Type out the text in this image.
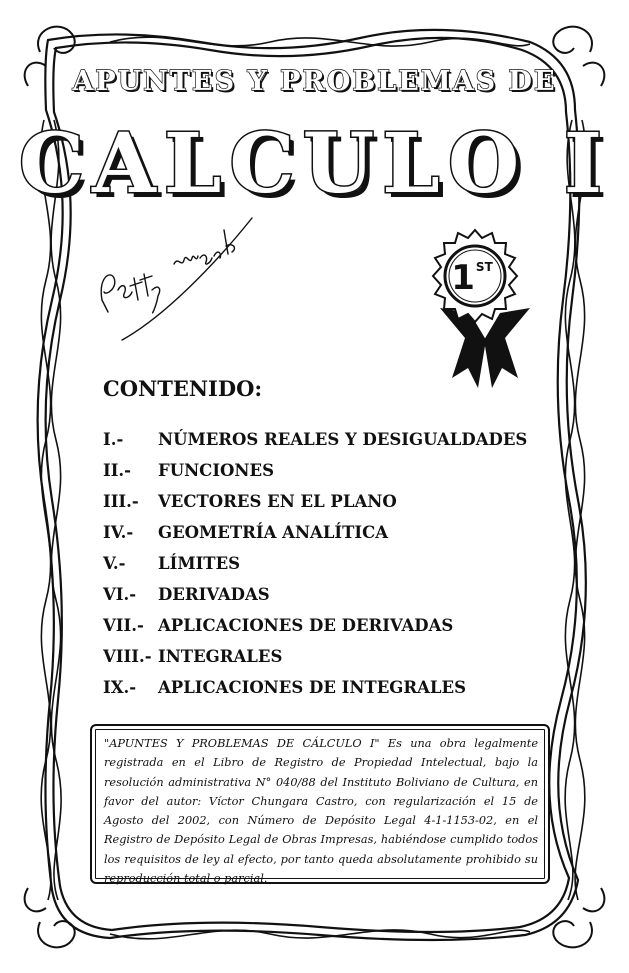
APUNTES Y PROBLEMAS DE
CALCULO I
1ST
CONTENIDO:
I.-	NÚMEROS REALES Y DESIGUALDADES
II.-	FUNCIONES
III.-	VECTORES EN EL PLANO
IV.-	GEOMETRÍA ANALÍTICA
V.-	LÍMITES
VI.-	DERIVADAS
VII.- APLICACIONES DE DERIVADAS
VIII.- INTEGRALES
IX.-	APLICACIONES DE INTEGRALES
"APUNTES Y PROBLEMAS DE CÁLCULO I" Es una obra legalmente registrada en el Libro de Registro de Propiedad Intelectual, bajo la resolución administrativa N° 040/88 del Instituto Boliviano de Cultura, en favor del autor: Víctor Chungara Castro, con regularización el 15 de Agosto del 2002, con Número de Depósito Legal 4-1-1153-02, en el Registro de Depósito Legal de Obras Impresas, habiéndose cumplido todos los requisitos de ley al efecto, por tanto queda absolutamente prohibido su reproducción total o parcial.
